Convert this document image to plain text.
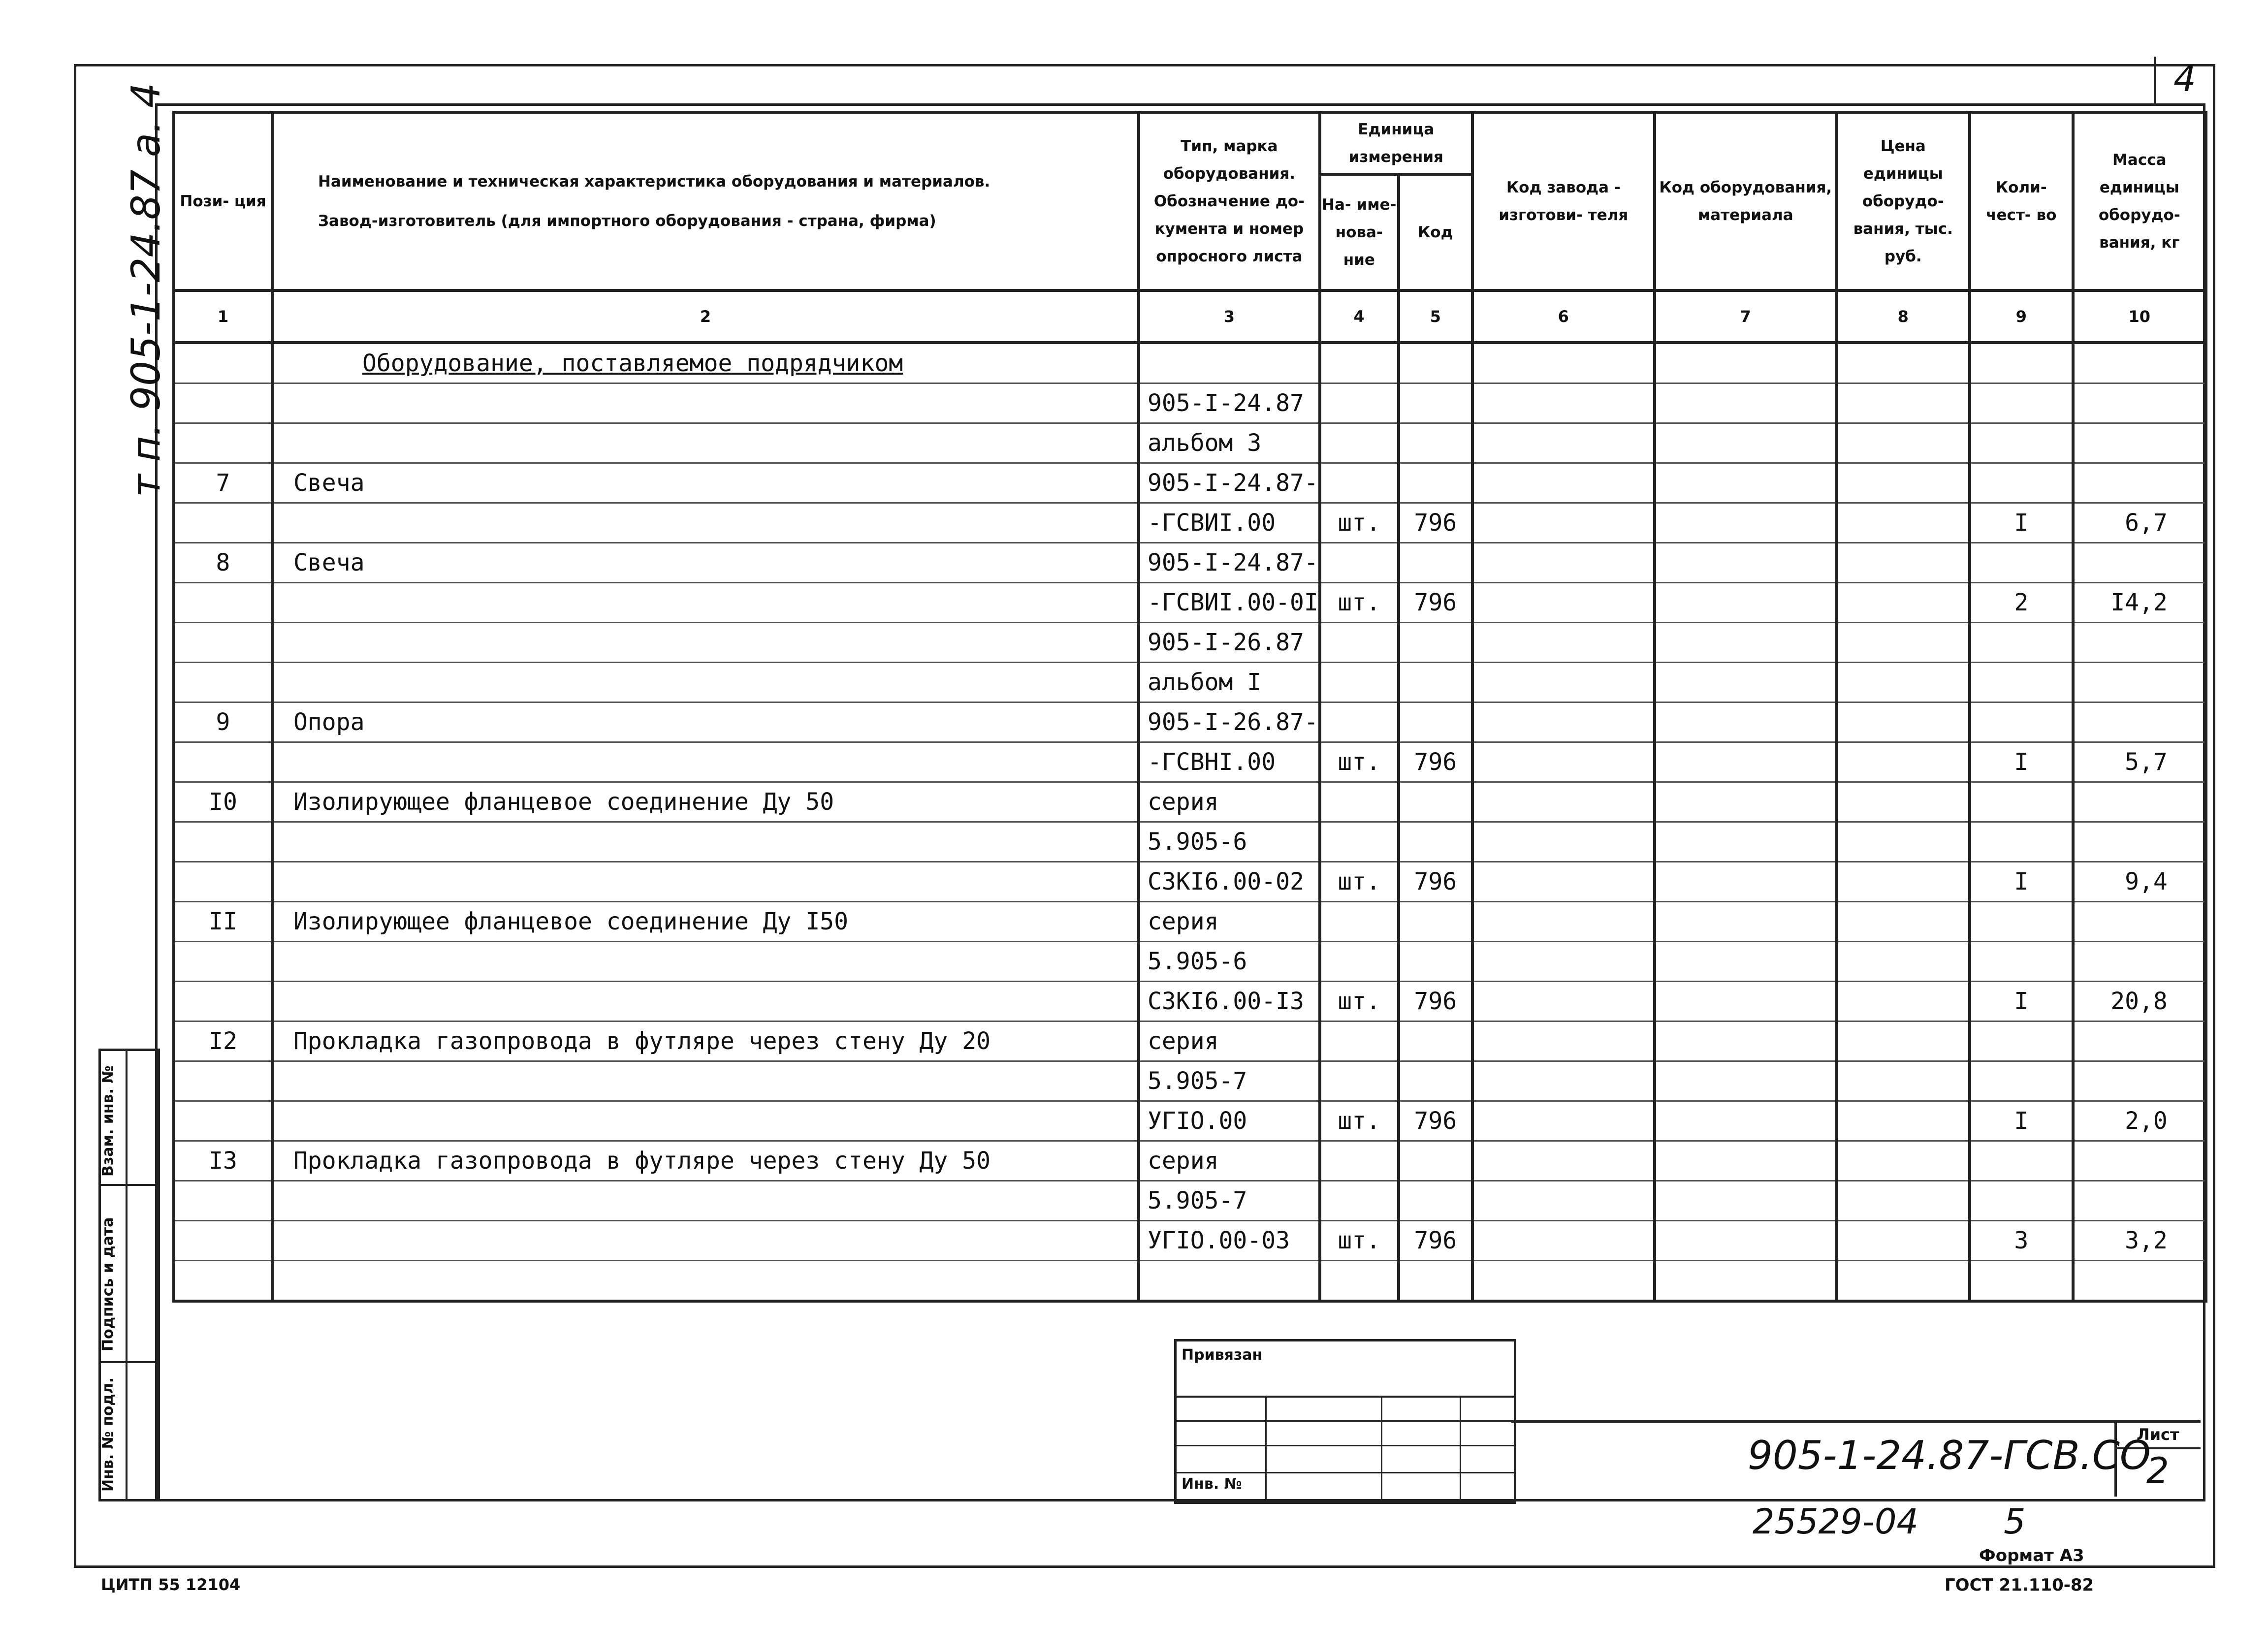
4
т п. 905-1-24.87 а. 4 Пози- ция	Наименование и техническая характеристика оборудования и материалов.
Завод-изготовитель (для импортного оборудования - страна, фирма)	Тип, марка оборудования. Обозначение до- кумента и номер опросного листа	Единица измерения		Код завода - изготови- теля	Код оборудования, материала	Цена единицы оборудо- вания, тыс. руб.	Коли- чест- во	Масса единицы оборудо- вания, кг
			На- име- нова- ние	Код					
1	2	3	4	5	6	7	8	9	10
	Оборудование, поставляемое подрядчиком								
		905-I-24.87							
		альбом 3							
7	Свеча	905-I-24.87-							
		-ГСВИI.00	шт.	796				I	6,7
8	Свеча	905-I-24.87-							
		-ГСВИI.00-0I	шт.	796				2	I4,2
		905-I-26.87							
		альбом I							
9	Опора	905-I-26.87-							
		-ГСВНI.00	шт.	796				I	5,7
I0	Изолирующее фланцевое соединение Ду 50	серия							
		5.905-6							
		СЗКI6.00-02	шт.	796				I	9,4
II	Изолирующее фланцевое соединение Ду I50	серия							
		5.905-6							
		СЗКI6.00-I3	шт.	796				I	20,8
I2	Прокладка газопровода в футляре через стену Ду 20	серия							
		5.905-7							
		УГIО.00	шт.	796				I	2,0
I3	Прокладка газопровода в футляре через стену Ду 50	серия							
		5.905-7							
		УГIО.00-03	шт.	796				3	3,2

Привязан
Инв. №
Лист
2
905-1-24.87-ГСВ.СО
25529-04 5
Формат А3
ГОСТ 21.110-82
ЦИТП 55 12104
Инв. № подл.
Подпись и дата
Взам. инв. №
